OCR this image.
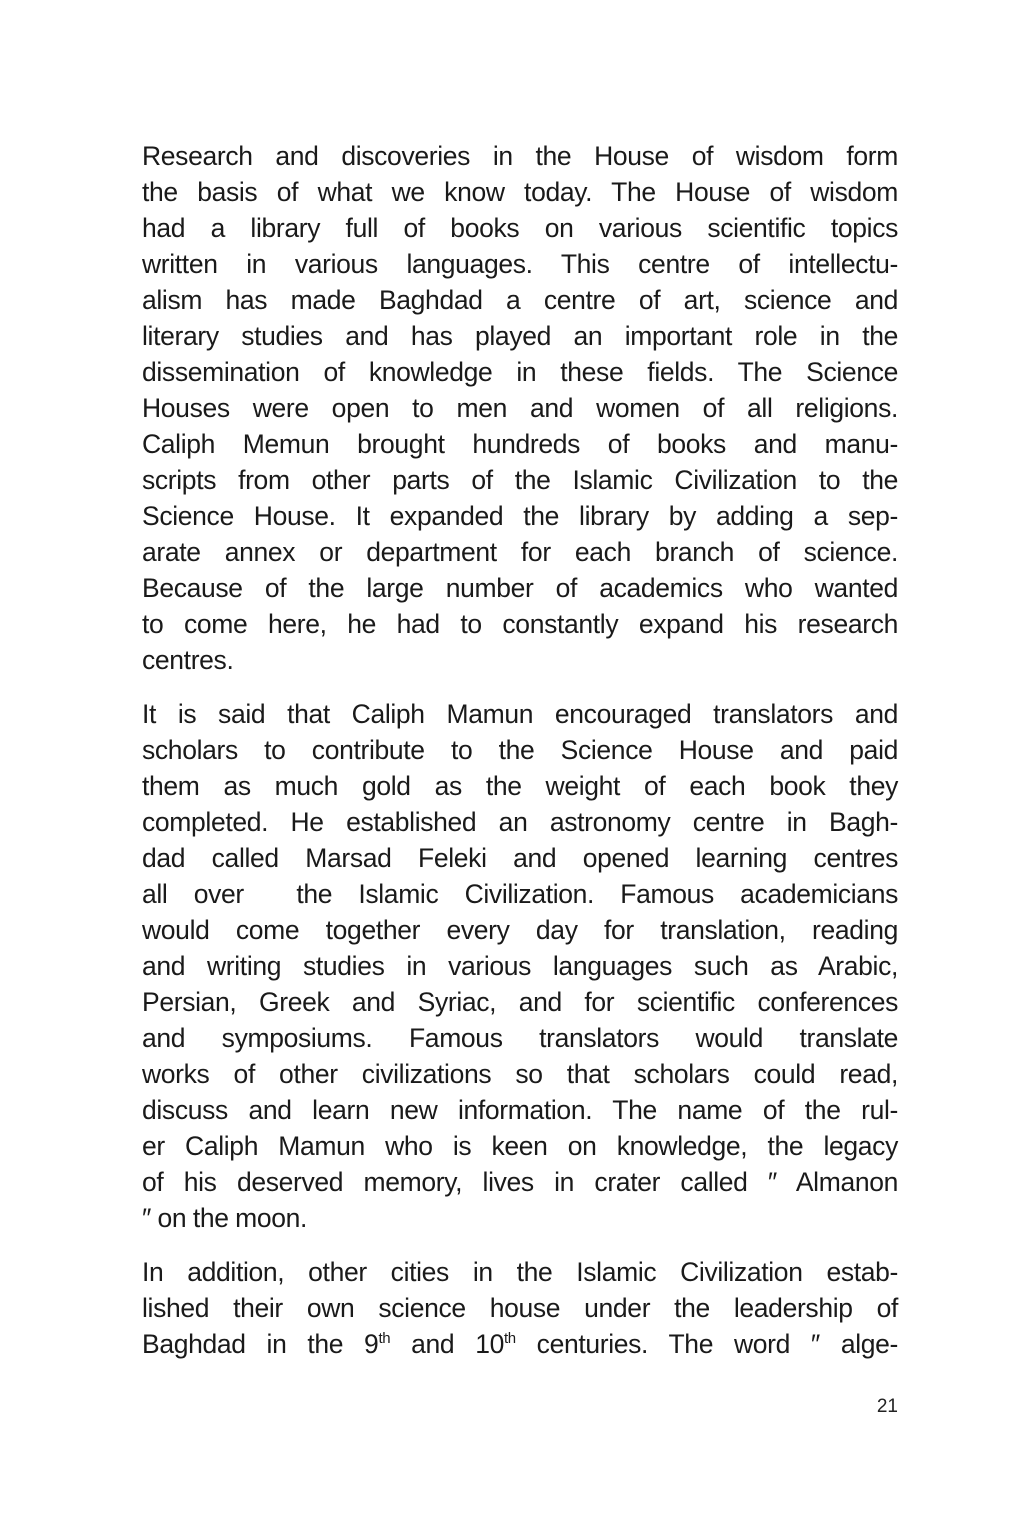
Research and discoveries in the House of wisdom form
the basis of what we know today. The House of wisdom
had a library full of books on various scientific topics
written in various languages. This centre of intellectu-
alism has made Baghdad a centre of art, science and
literary studies and has played an important role in the
dissemination of knowledge in these fields. The Science
Houses were open to men and women of all religions.
Caliph Memun brought hundreds of books and manu-
scripts from other parts of the Islamic Civilization to the
Science House. It expanded the library by adding a sep-
arate annex or department for each branch of science.
Because of the large number of academics who wanted
to come here, he had to constantly expand his research
centres.

It is said that Caliph Mamun encouraged translators and
scholars to contribute to the Science House and paid
them as much gold as the weight of each book they
completed. He established an astronomy centre in Bagh-
dad called Marsad Feleki and opened learning centres
all over  the Islamic Civilization. Famous academicians
would come together every day for translation, reading
and writing studies in various languages such as Arabic,
Persian, Greek and Syriac, and for scientific conferences
and symposiums. Famous translators would translate
works of other civilizations so that scholars could read,
discuss and learn new information. The name of the rul-
er Caliph Mamun who is keen on knowledge, the legacy
of his deserved memory, lives in crater called ″ Almanon
″ on the moon.

In addition, other cities in the Islamic Civilization estab-
lished their own science house under the leadership of
Baghdad in the 9th and 10th centuries. The word ″ alge-

21
